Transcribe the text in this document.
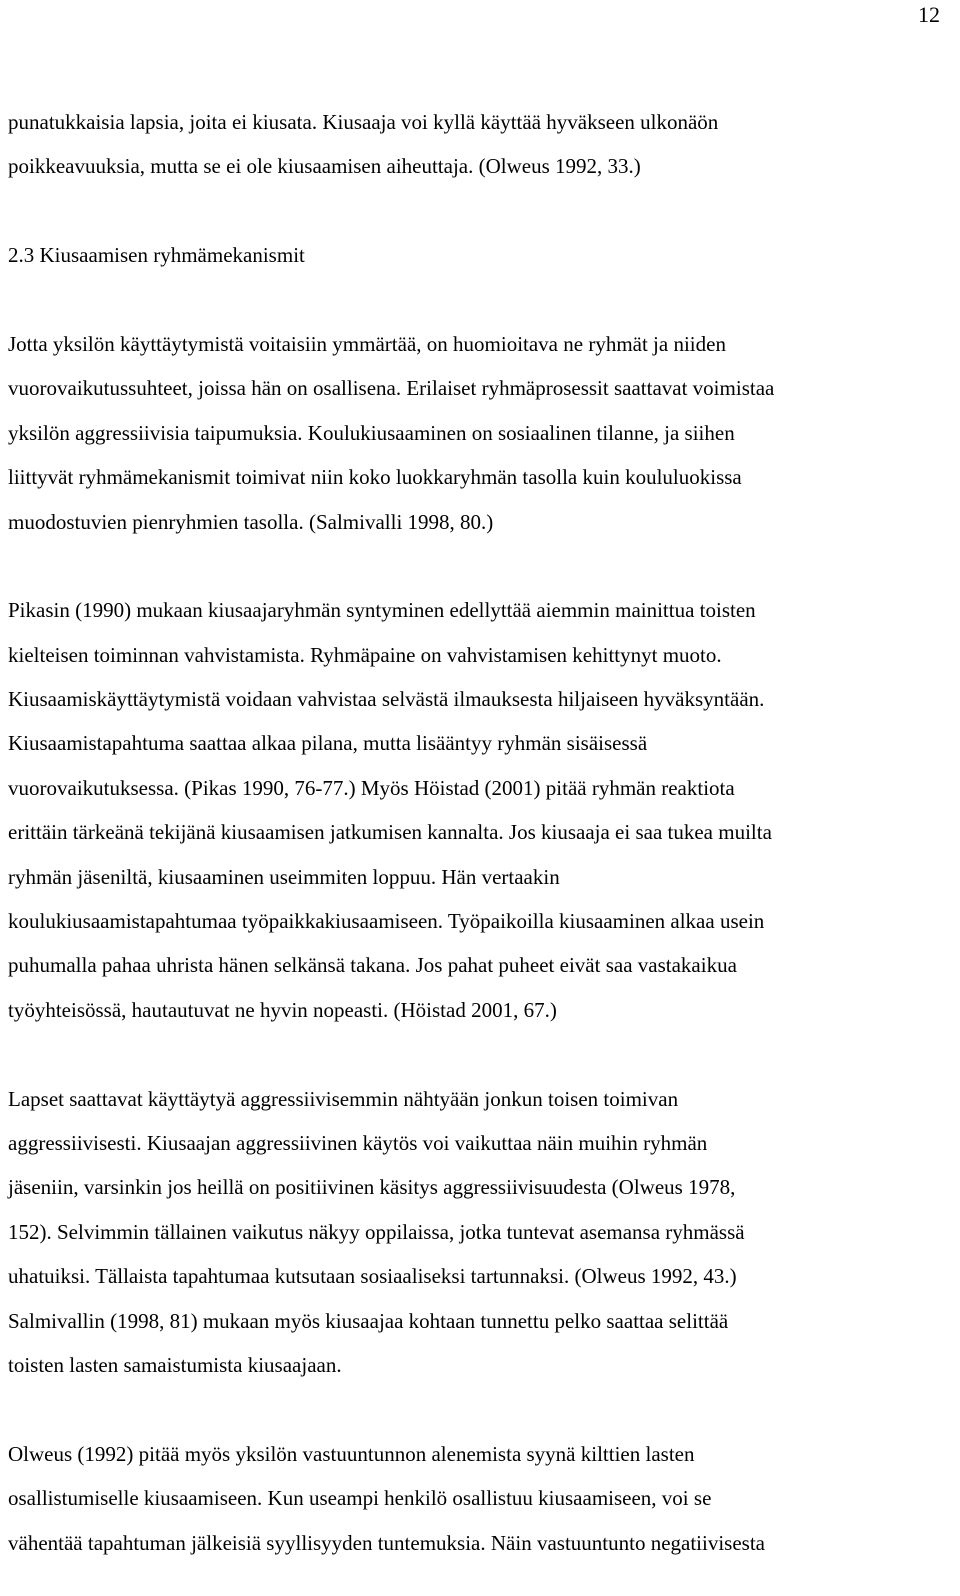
12
punatukkaisia lapsia, joita ei kiusata. Kiusaaja voi kyllä käyttää hyväkseen ulkonäön
poikkeavuuksia, mutta se ei ole kiusaamisen aiheuttaja. (Olweus 1992, 33.)
2.3 Kiusaamisen ryhmämekanismit
Jotta yksilön käyttäytymistä voitaisiin ymmärtää, on huomioitava ne ryhmät ja niiden
vuorovaikutussuhteet, joissa hän on osallisena. Erilaiset ryhmäprosessit saattavat voimistaa
yksilön aggressiivisia taipumuksia. Koulukiusaaminen on sosiaalinen tilanne, ja siihen
liittyvät ryhmämekanismit toimivat niin koko luokkaryhmän tasolla kuin koululuokissa
muodostuvien pienryhmien tasolla. (Salmivalli 1998, 80.)
Pikasin (1990) mukaan kiusaajaryhmän syntyminen edellyttää aiemmin mainittua toisten
kielteisen toiminnan vahvistamista. Ryhmäpaine on vahvistamisen kehittynyt muoto.
Kiusaamiskäyttäytymistä voidaan vahvistaa selvästä ilmauksesta hiljaiseen hyväksyntään.
Kiusaamistapahtuma saattaa alkaa pilana, mutta lisääntyy ryhmän sisäisessä
vuorovaikutuksessa. (Pikas 1990, 76-77.) Myös Höistad (2001) pitää ryhmän reaktiota
erittäin tärkeänä tekijänä kiusaamisen jatkumisen kannalta. Jos kiusaaja ei saa tukea muilta
ryhmän jäseniltä, kiusaaminen useimmiten loppuu. Hän vertaakin
koulukiusaamistapahtumaa työpaikkakiusaamiseen. Työpaikoilla kiusaaminen alkaa usein
puhumalla pahaa uhrista hänen selkänsä takana. Jos pahat puheet eivät saa vastakaikua
työyhteisössä, hautautuvat ne hyvin nopeasti. (Höistad 2001, 67.)
Lapset saattavat käyttäytyä aggressiivisemmin nähtyään jonkun toisen toimivan
aggressiivisesti. Kiusaajan aggressiivinen käytös voi vaikuttaa näin muihin ryhmän
jäseniin, varsinkin jos heillä on positiivinen käsitys aggressiivisuudesta (Olweus 1978,
152). Selvimmin tällainen vaikutus näkyy oppilaissa, jotka tuntevat asemansa ryhmässä
uhatuiksi. Tällaista tapahtumaa kutsutaan sosiaaliseksi tartunnaksi. (Olweus 1992, 43.)
Salmivallin (1998, 81) mukaan myös kiusaajaa kohtaan tunnettu pelko saattaa selittää
toisten lasten samaistumista kiusaajaan.
Olweus (1992) pitää myös yksilön vastuuntunnon alenemista syynä kilttien lasten
osallistumiselle kiusaamiseen. Kun useampi henkilö osallistuu kiusaamiseen, voi se
vähentää tapahtuman jälkeisiä syyllisyyden tuntemuksia. Näin vastuuntunto negatiivisesta
